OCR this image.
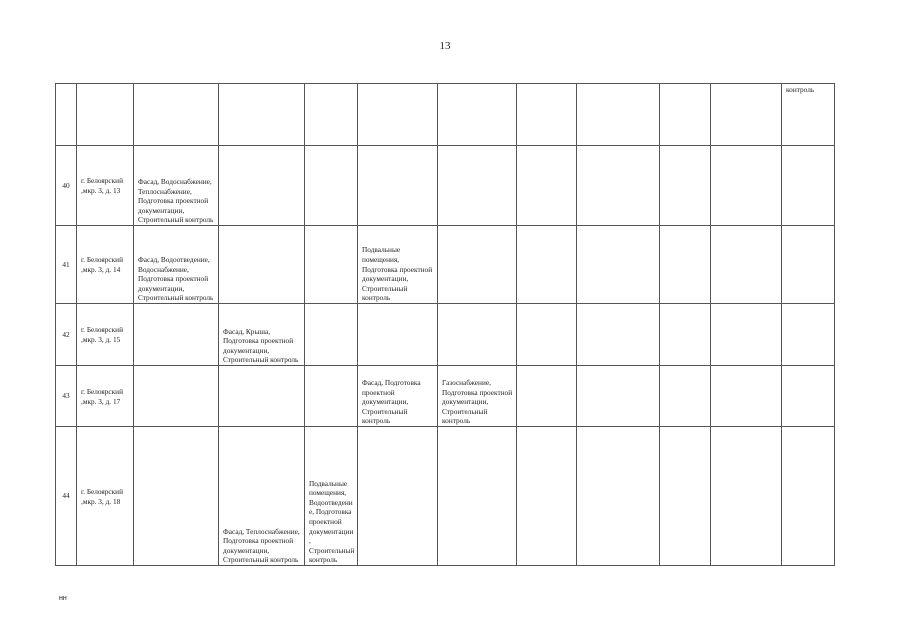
13
											контроль	
40	г. Белоярский ,мкр. 3, д. 13	Фасад, Водоснабжение, Теплоснабжение, Подготовка проектной документации, Строительный контроль										
41	г. Белоярский ,мкр. 3, д. 14	Фасад, Водоотведение, Водоснабжение, Подготовка проектной документации, Строительный контроль			Подвальные помещения, Подготовка проектной документации, Строительный контроль							
42	г. Белоярский ,мкр. 3, д. 15		Фасад, Крыша, Подготовка проектной документации, Строительный контроль									
43	г. Белоярский ,мкр. 3, д. 17				Фасад, Подготовка проектной документации, Строительный контроль	Газоснабжение, Подготовка проектной документации, Строительный контроль						
44	г. Белоярский ,мкр. 3, д. 18		Фасад, Теплоснабжение, Подготовка проектной документации, Строительный контроль	Подвальные помещения, Водоотведение, Подготовка проектной документации, Строительный контроль								
нн
